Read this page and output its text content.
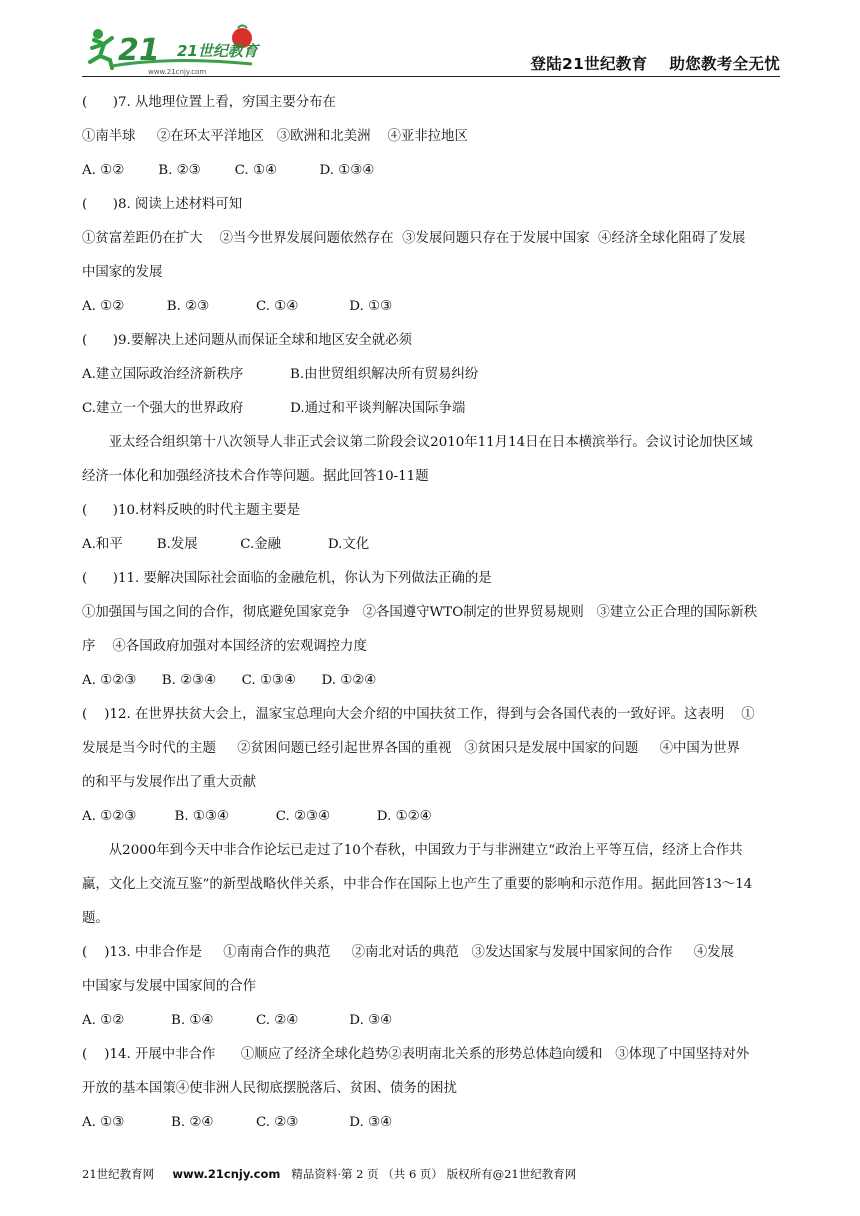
21 21世纪教育
www.21cnjy.com	登陆21世纪教育 助您教考全无忧
(      )7. 从地理位置上看，穷国主要分布在
①南半球     ②在环太平洋地区   ③欧洲和北美洲    ④亚非拉地区
A. ①②        B. ②③        C. ①④          D. ①③④
(      )8. 阅读上述材料可知
①贫富差距仍在扩大    ②当今世界发展问题依然存在  ③发展问题只存在于发展中国家  ④经济全球化阻碍了发展
中国家的发展
A. ①②          B. ②③           C. ①④            D. ①③
(      )9.要解决上述问题从而保证全球和地区安全就必须
A.建立国际政治经济新秩序           B.由世贸组织解决所有贸易纠纷
C.建立一个强大的世界政府           D.通过和平谈判解决国际争端
亚太经合组织第十八次领导人非正式会议第二阶段会议2010年11月14日在日本横滨举行。会议讨论加快区域
经济一体化和加强经济技术合作等问题。据此回答10-11题
(      )10.材料反映的时代主题主要是
A.和平        B.发展          C.金融           D.文化
(      )11. 要解决国际社会面临的金融危机，你认为下列做法正确的是
①加强国与国之间的合作，彻底避免国家竞争   ②各国遵守WTO制定的世界贸易规则   ③建立公正合理的国际新秩
序    ④各国政府加强对本国经济的宏观调控力度
A. ①②③      B. ②③④      C. ①③④      D. ①②④
(    )12. 在世界扶贫大会上，温家宝总理向大会介绍的中国扶贫工作，得到与会各国代表的一致好评。这表明    ①
发展是当今时代的主题     ②贫困问题已经引起世界各国的重视   ③贫困只是发展中国家的问题     ④中国为世界
的和平与发展作出了重大贡献
A. ①②③         B. ①③④           C. ②③④           D. ①②④
从2000年到今天中非合作论坛已走过了10个春秋，中国致力于与非洲建立“政治上平等互信，经济上合作共
赢，文化上交流互鉴”的新型战略伙伴关系，中非合作在国际上也产生了重要的影响和示范作用。据此回答13～14
题。
(    )13. 中非合作是     ①南南合作的典范     ②南北对话的典范   ③发达国家与发展中国家间的合作     ④发展
中国家与发展中国家间的合作
A. ①②           B. ①④          C. ②④            D. ③④
(    )14. 开展中非合作      ①顺应了经济全球化趋势②表明南北关系的形势总体趋向缓和   ③体现了中国坚持对外
开放的基本国策④使非洲人民彻底摆脱落后、贫困、债务的困扰
A. ①③           B. ②④          C. ②③            D. ③④
21世纪教育网     www.21cnjy.com   精品资料·第 2 页 （共 6 页） 版权所有@21世纪教育网
